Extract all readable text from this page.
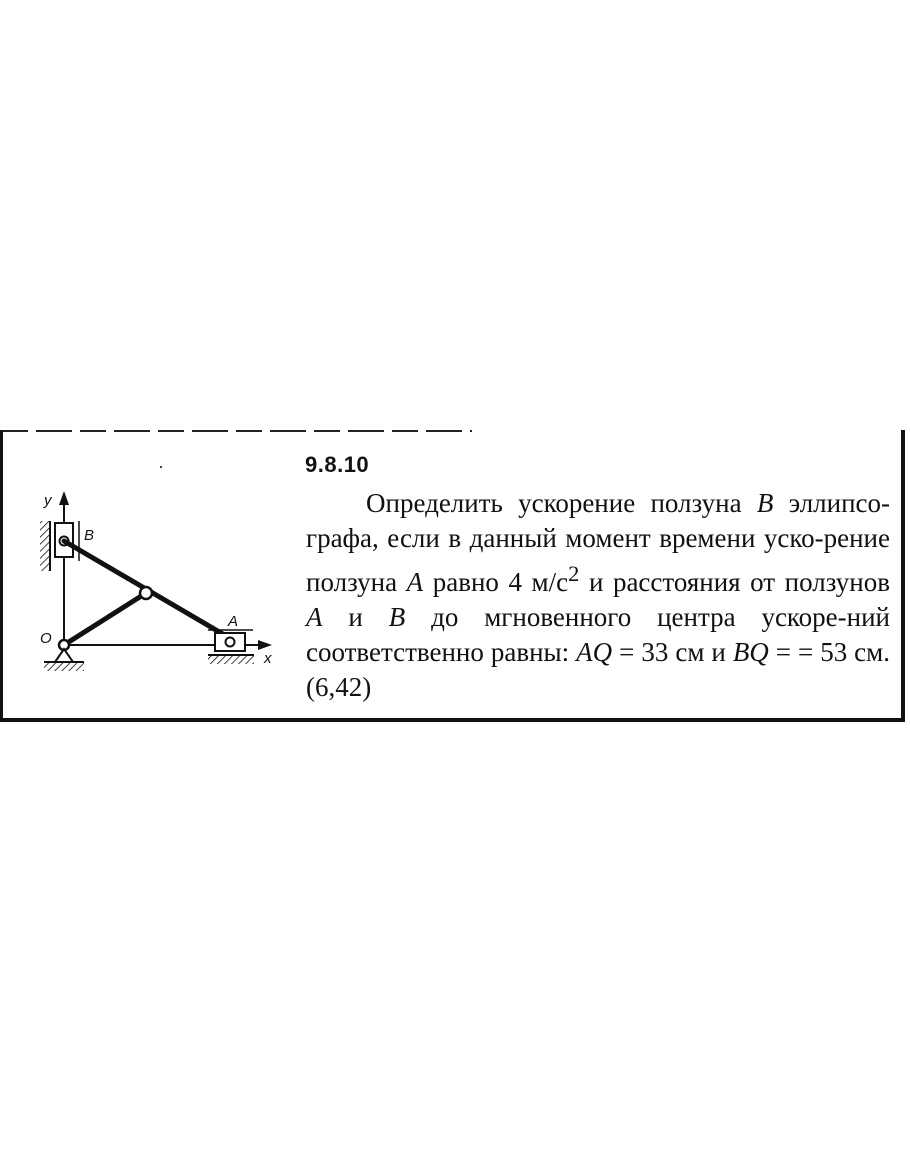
9.8.10

Определить ускорение ползуна B эллипсо-графа, если в данный момент времени уско-рение ползуна A равно 4 $м/с^2$ и расстояния от ползунов A и B до мгновенного центра ускоре-ний соответственно равны: AQ = 33 см и BQ = = 53 см. (6,42)

y
B
x
A
O
